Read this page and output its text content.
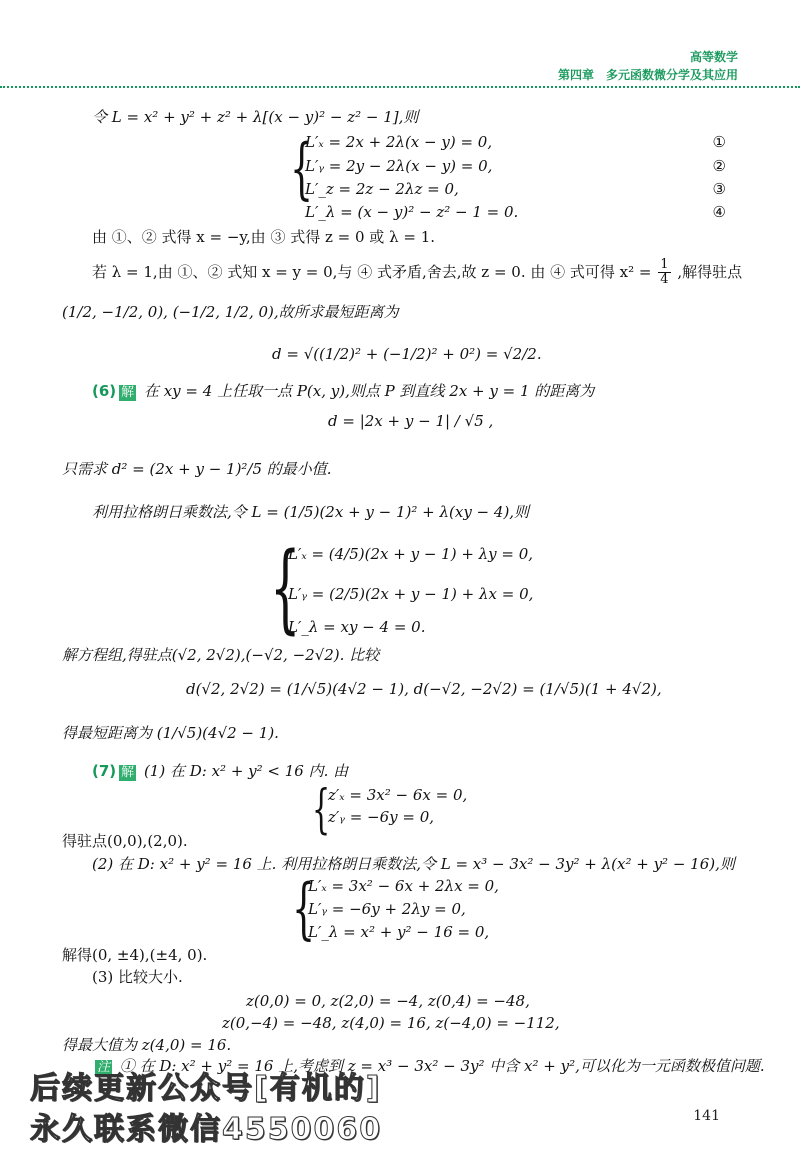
高等数学
第四章　多元函数微分学及其应用
令 L = x² + y² + z² + λ[(x − y)² − z² − 1],则
{
L′ₓ = 2x + 2λ(x − y) = 0,
L′ᵧ = 2y − 2λ(x − y) = 0,
L′_z = 2z − 2λz = 0,
L′_λ = (x − y)² − z² − 1 = 0.
①
②
③
④
由 ①、② 式得 x = −y,由 ③ 式得 z = 0 或 λ = 1.
若 λ = 1,由 ①、② 式知 x = y = 0,与 ④ 式矛盾,舍去,故 z = 0. 由 ④ 式可得 $x^2 = \frac{1}{4}$ ,解得驻点
(1/2, −1/2, 0), (−1/2, 1/2, 0),故所求最短距离为
d = √((1/2)² + (−1/2)² + 0²) = √2/2.
(6) 解 在 xy = 4 上任取一点 P(x, y),则点 P 到直线 2x + y = 1 的距离为
d = |2x + y − 1| / √5 ,
只需求 d² = (2x + y − 1)²/5 的最小值.
利用拉格朗日乘数法,令 L = (1/5)(2x + y − 1)² + λ(xy − 4),则
{
L′ₓ = (4/5)(2x + y − 1) + λy = 0,
L′ᵧ = (2/5)(2x + y − 1) + λx = 0,
L′_λ = xy − 4 = 0.
解方程组,得驻点(√2, 2√2),(−√2, −2√2). 比较
d(√2, 2√2) = (1/√5)(4√2 − 1), d(−√2, −2√2) = (1/√5)(1 + 4√2),
得最短距离为 (1/√5)(4√2 − 1).
(7) 解 (1) 在 D: x² + y² < 16 内. 由
{
z′ₓ = 3x² − 6x = 0,
z′ᵧ = −6y = 0,
得驻点(0,0),(2,0).
(2) 在 D: x² + y² = 16 上. 利用拉格朗日乘数法,令 L = x³ − 3x² − 3y² + λ(x² + y² − 16),则
{
L′ₓ = 3x² − 6x + 2λx = 0,
L′ᵧ = −6y + 2λy = 0,
L′_λ = x² + y² − 16 = 0,
解得(0, ±4),(±4, 0).
(3) 比较大小.
z(0,0) = 0, z(2,0) = −4, z(0,4) = −48,
z(0,−4) = −48, z(4,0) = 16, z(−4,0) = −112,
得最大值为 z(4,0) = 16.
注 ① 在 D: x² + y² = 16 上,考虑到 z = x³ − 3x² − 3y² 中含 x² + y²,可以化为一元函数极值问题.
后续更新公众号[有机的]
永久联系微信4550060	141
